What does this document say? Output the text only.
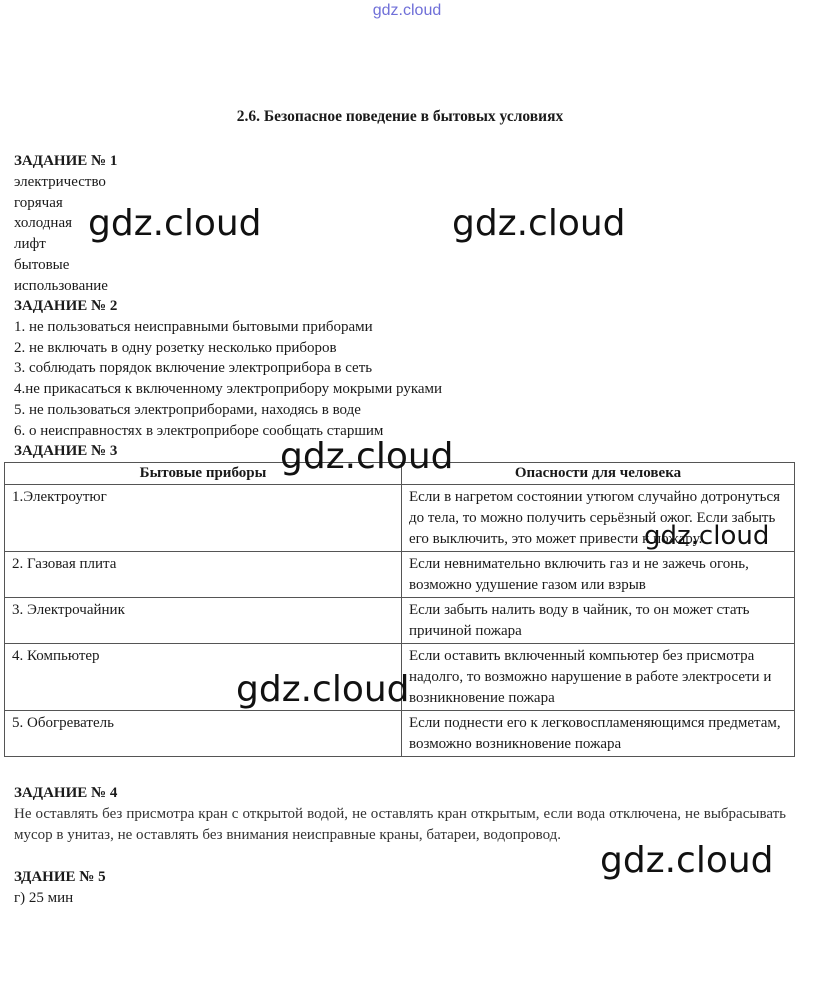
gdz.cloud
2.6. Безопасное поведение в бытовых условиях
ЗАДАНИЕ № 1
электричество
горячая
холодная
лифт
бытовые
использование
ЗАДАНИЕ № 2
1. не пользоваться неисправными бытовыми приборами
2. не включать в одну розетку несколько приборов
3. соблюдать порядок включение электроприбора в сеть
4.не прикасаться к включенному электроприбору мокрыми руками
5. не пользоваться электроприборами, находясь в воде
6. о неисправностях в электроприборе сообщать старшим
ЗАДАНИЕ № 3
Бытовые приборы	Опасности для человека
1.Электроутюг	Если в нагретом состоянии утюгом случайно дотронуться до тела, то можно получить серьёзный ожог. Если забыть его выключить, это может привести к пожару.
2. Газовая плита	Если невнимательно включить газ и не зажечь огонь, возможно удушение газом или взрыв
3. Электрочайник	Если забыть налить воду в чайник, то он может стать причиной пожара
4. Компьютер	Если оставить включенный компьютер без присмотра надолго, то возможно нарушение в работе электросети и возникновение пожара
5. Обогреватель	Если поднести его к легковоспламеняющимся предметам, возможно возникновение пожара
ЗАДАНИЕ № 4
Не оставлять без присмотра кран с открытой водой, не оставлять кран открытым, если вода отключена, не выбрасывать мусор в унитаз, не оставлять без внимания неисправные краны, батареи, водопровод.
ЗДАНИЕ № 5
г) 25 мин
gdz.cloud	gdz.cloud
gdz.cloud
gdz.cloud
gdz.cloud
gdz.cloud
